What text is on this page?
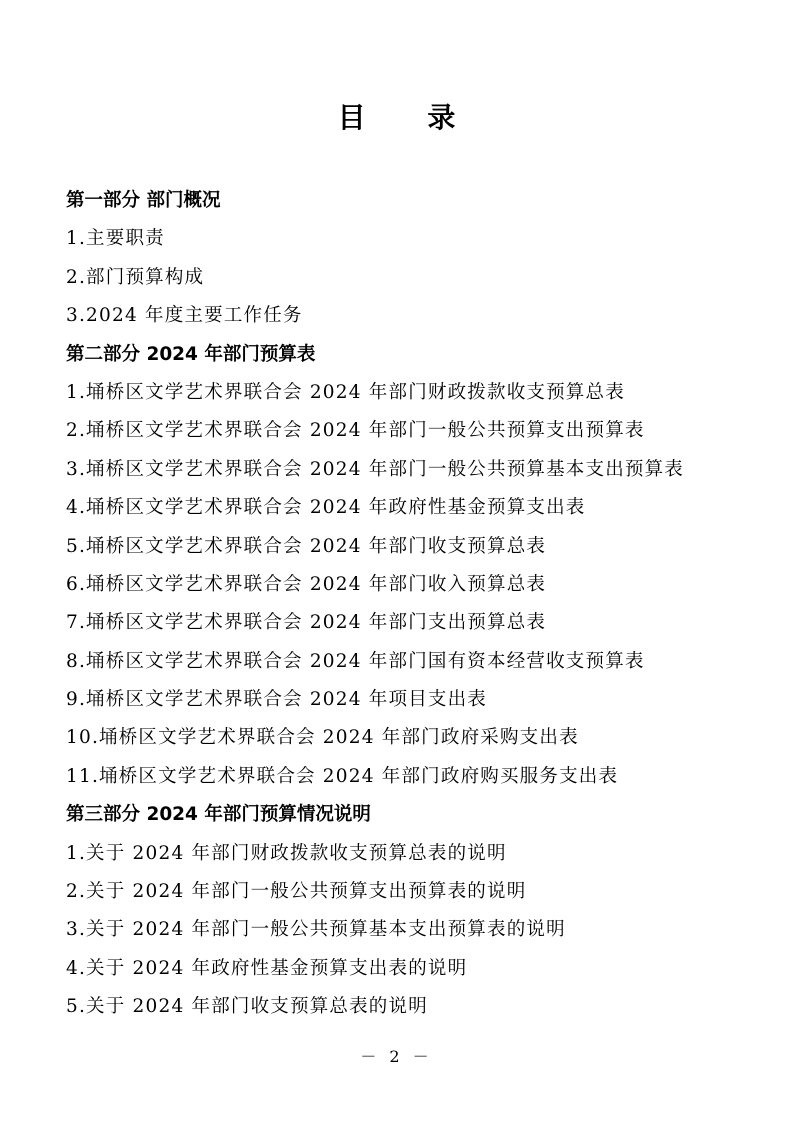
目 录
第一部分 部门概况
1.主要职责
2.部门预算构成
3.2024 年度主要工作任务
第二部分 2024 年部门预算表
1.埇桥区文学艺术界联合会 2024 年部门财政拨款收支预算总表
2.埇桥区文学艺术界联合会 2024 年部门一般公共预算支出预算表
3.埇桥区文学艺术界联合会 2024 年部门一般公共预算基本支出预算表
4.埇桥区文学艺术界联合会 2024 年政府性基金预算支出表
5.埇桥区文学艺术界联合会 2024 年部门收支预算总表
6.埇桥区文学艺术界联合会 2024 年部门收入预算总表
7.埇桥区文学艺术界联合会 2024 年部门支出预算总表
8.埇桥区文学艺术界联合会 2024 年部门国有资本经营收支预算表
9.埇桥区文学艺术界联合会 2024 年项目支出表
10.埇桥区文学艺术界联合会 2024 年部门政府采购支出表
11.埇桥区文学艺术界联合会 2024 年部门政府购买服务支出表
第三部分 2024 年部门预算情况说明
1.关于 2024 年部门财政拨款收支预算总表的说明
2.关于 2024 年部门一般公共预算支出预算表的说明
3.关于 2024 年部门一般公共预算基本支出预算表的说明
4.关于 2024 年政府性基金预算支出表的说明
5.关于 2024 年部门收支预算总表的说明
－ 2 －
